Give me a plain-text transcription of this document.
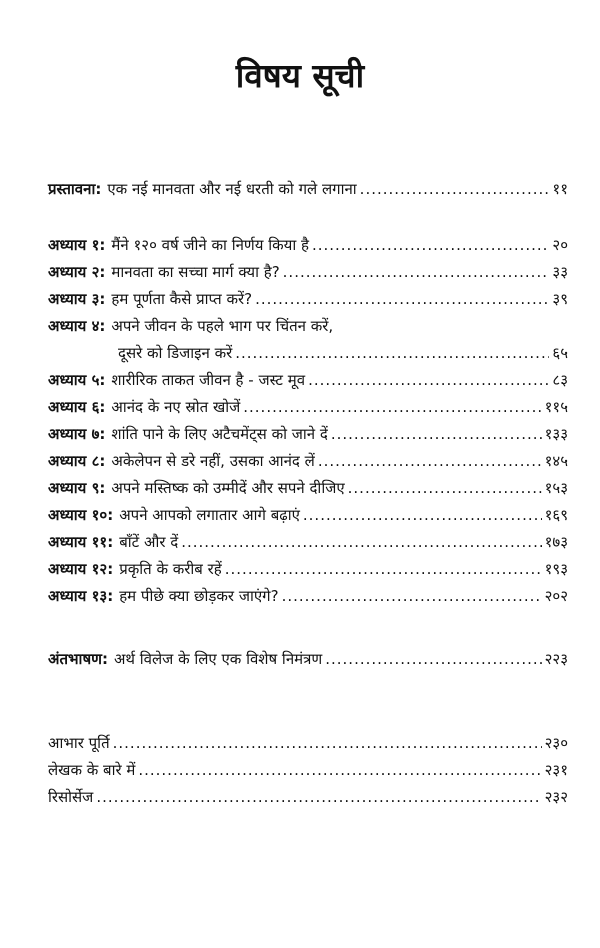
विषय सूची
प्रस्तावना: एक नई मानवता और नई धरती को गले लगाना .....	११
अध्याय १: मैंने १२० वर्ष जीने का निर्णय किया है .....	२०
अध्याय २: मानवता का सच्चा मार्ग क्या है? .....	३३
अध्याय ३: हम पूर्णता कैसे प्राप्त करें? .....	३९
अध्याय ४: अपने जीवन के पहले भाग पर चिंतन करें,
दूसरे को डिजाइन करें .....	६५
अध्याय ५: शारीरिक ताकत जीवन है - जस्ट मूव .....	८३
अध्याय ६: आनंद के नए स्रोत खोजें .....	११५
अध्याय ७: शांति पाने के लिए अटैचमेंट्स को जाने दें .....	१३३
अध्याय ८: अकेलेपन से डरे नहीं, उसका आनंद लें .....	१४५
अध्याय ९: अपने मस्तिष्क को उम्मीदें और सपने दीजिए .....	१५३
अध्याय १०: अपने आपको लगातार आगे बढ़ाएं .....	१६९
अध्याय ११: बाँटें और दें .....	१७३
अध्याय १२: प्रकृति के करीब रहें .....	१९३
अध्याय १३: हम पीछे क्या छोड़कर जाएंगे? .....	२०२
अंतभाषण: अर्थ विलेज के लिए एक विशेष निमंत्रण .....	२२३
आभार पूर्ति .....	२३०
लेखक के बारे में .....	२३१
रिसोर्सेज .....	२३२
